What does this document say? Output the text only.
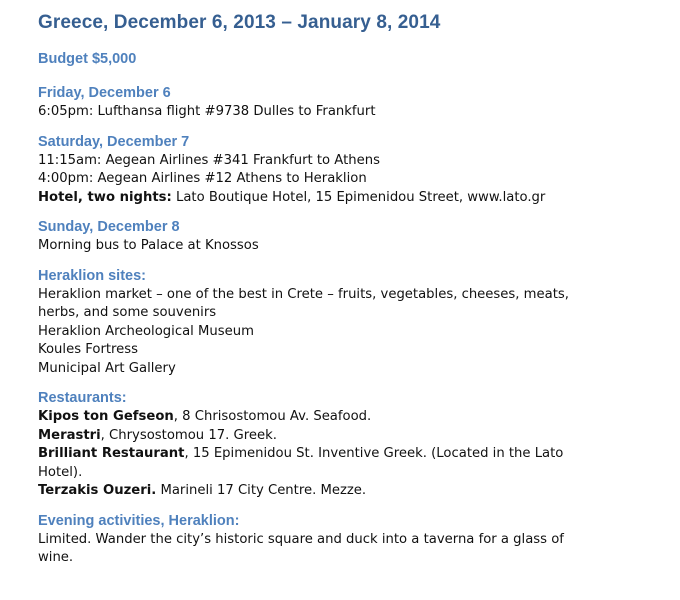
Greece, December 6, 2013 – January 8, 2014
Budget $5,000
Friday, December 6
6:05pm: Lufthansa flight #9738 Dulles to Frankfurt
Saturday, December 7
11:15am: Aegean Airlines #341 Frankfurt to Athens
4:00pm: Aegean Airlines #12 Athens to Heraklion
Hotel, two nights: Lato Boutique Hotel, 15 Epimenidou Street, www.lato.gr
Sunday, December 8
Morning bus to Palace at Knossos
Heraklion sites:
Heraklion market – one of the best in Crete – fruits, vegetables, cheeses, meats, herbs, and some souvenirs
Heraklion Archeological Museum
Koules Fortress
Municipal Art Gallery
Restaurants:
Kipos ton Gefseon, 8 Chrisostomou Av. Seafood.
Merastri, Chrysostomou 17. Greek.
Brilliant Restaurant, 15 Epimenidou St. Inventive Greek. (Located in the Lato Hotel).
Terzakis Ouzeri. Marineli 17 City Centre. Mezze.
Evening activities, Heraklion:
Limited. Wander the city’s historic square and duck into a taverna for a glass of wine.
